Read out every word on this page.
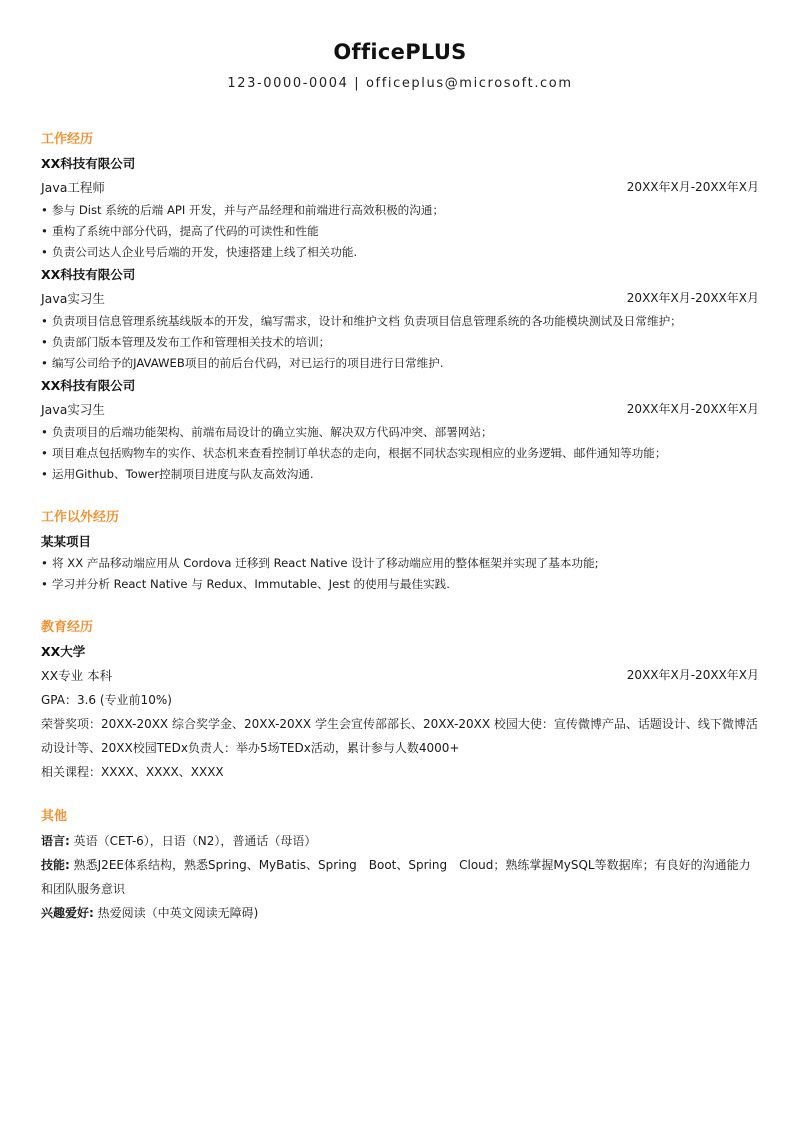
OfficePLUS
123-0000-0004 | officeplus@microsoft.com
工作经历
XX科技有限公司
Java工程师	20XX年X月-20XX年X月
• 参与 Dist 系统的后端 API 开发，并与产品经理和前端进行高效积极的沟通；
• 重构了系统中部分代码，提高了代码的可读性和性能
• 负责公司达人企业号后端的开发，快速搭建上线了相关功能.
XX科技有限公司
Java实习生	20XX年X月-20XX年X月
• 负责项目信息管理系统基线版本的开发，编写需求，设计和维护文档 负责项目信息管理系统的各功能模块测试及日常维护；
• 负责部门版本管理及发布工作和管理相关技术的培训；
• 编写公司给予的JAVAWEB项目的前后台代码，对已运行的项目进行日常维护.
XX科技有限公司
Java实习生	20XX年X月-20XX年X月
• 负责项目的后端功能架构、前端布局设计的确立实施、解决双方代码冲突、部署网站；
• 项目难点包括购物车的实作、状态机来查看控制订单状态的走向，根据不同状态实现相应的业务逻辑、邮件通知等功能；
• 运用Github、Tower控制项目进度与队友高效沟通.
工作以外经历
某某项目
• 将 XX 产品移动端应用从 Cordova 迁移到 React Native 设计了移动端应用的整体框架并实现了基本功能;
• 学习并分析 React Native 与 Redux、Immutable、Jest 的使用与最佳实践.
教育经历
XX大学
XX专业 本科	20XX年X月-20XX年X月
GPA：3.6 (专业前10%)
荣誉奖项：20XX-20XX 综合奖学金、20XX-20XX 学生会宣传部部长、20XX-20XX 校园大使：宣传微博产品、话题设计、线下微博活动设计等、20XX校园TEDx负责人：举办5场TEDx活动，累计参与人数4000+
相关课程：XXXX、XXXX、XXXX
其他
语言: 英语（CET-6），日语（N2），普通话（母语）
技能: 熟悉J2EE体系结构，熟悉Spring、MyBatis、Spring　Boot、Spring　Cloud；熟练掌握MySQL等数据库；有良好的沟通能力和团队服务意识
兴趣爱好: 热爱阅读（中英文阅读无障碍)
